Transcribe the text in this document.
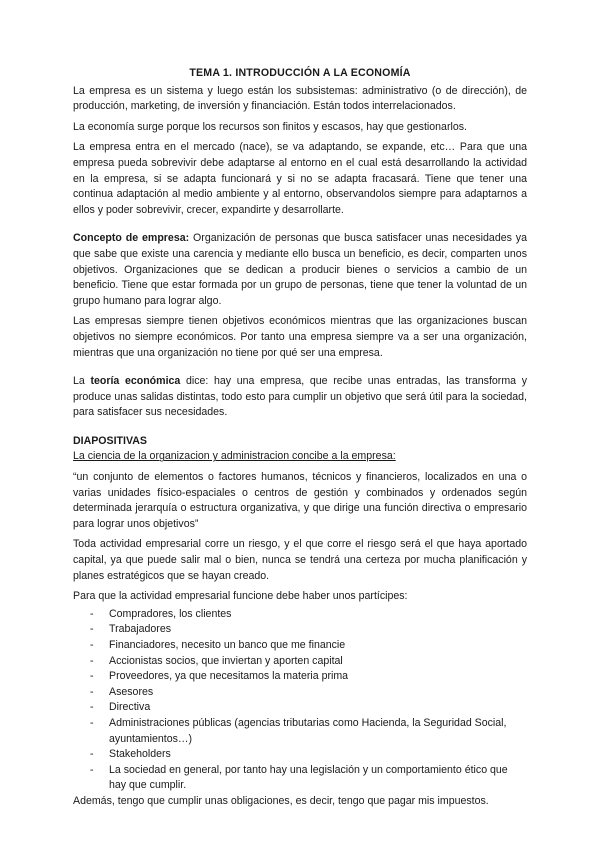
TEMA 1. INTRODUCCIÓN A LA ECONOMÍA

La empresa es un sistema y luego están los subsistemas: administrativo (o de dirección), de producción, marketing, de inversión y financiación. Están todos interrelacionados.

La economía surge porque los recursos son finitos y escasos, hay que gestionarlos.

La empresa entra en el mercado (nace), se va adaptando, se expande, etc… Para que una empresa pueda sobrevivir debe adaptarse al entorno en el cual está desarrollando la actividad en la empresa, si se adapta funcionará y si no se adapta fracasará. Tiene que tener una continua adaptación al medio ambiente y al entorno, observandolos siempre para adaptarnos a ellos y poder sobrevivir, crecer, expandirte y desarrollarte.

Concepto de empresa: Organización de personas que busca satisfacer unas necesidades ya que sabe que existe una carencia y mediante ello busca un beneficio, es decir, comparten unos objetivos. Organizaciones que se dedican a producir bienes o servicios a cambio de un beneficio. Tiene que estar formada por un grupo de personas, tiene que tener la voluntad de un grupo humano para lograr algo.

Las empresas siempre tienen objetivos económicos mientras que las organizaciones buscan objetivos no siempre económicos. Por tanto una empresa siempre va a ser una organización, mientras que una organización no tiene por qué ser una empresa.

La teoría económica dice: hay una empresa, que recibe unas entradas, las transforma y produce unas salidas distintas, todo esto para cumplir un objetivo que será útil para la sociedad, para satisfacer sus necesidades.

DIAPOSITIVAS
La ciencia de la organizacion y administracion concibe a la empresa:

“un conjunto de elementos o factores humanos, técnicos y financieros, localizados en una o varias unidades físico-espaciales o centros de gestión y combinados y ordenados según determinada jerarquía o estructura organizativa, y que dirige una función directiva o empresario para lograr unos objetivos”

Toda actividad empresarial corre un riesgo, y el que corre el riesgo será el que haya aportado capital, ya que puede salir mal o bien, nunca se tendrá una certeza por mucha planificación y planes estratégicos que se hayan creado.

Para que la actividad empresarial funcione debe haber unos partícipes:

- Compradores, los clientes
- Trabajadores
- Financiadores, necesito un banco que me financie
- Accionistas socios, que inviertan y aporten capital
- Proveedores, ya que necesitamos la materia prima
- Asesores
- Directiva
- Administraciones públicas (agencias tributarias como Hacienda, la Seguridad Social, ayuntamientos…)
- Stakeholders
- La sociedad en general, por tanto hay una legislación y un comportamiento ético que hay que cumplir.

Además, tengo que cumplir unas obligaciones, es decir, tengo que pagar mis impuestos.
